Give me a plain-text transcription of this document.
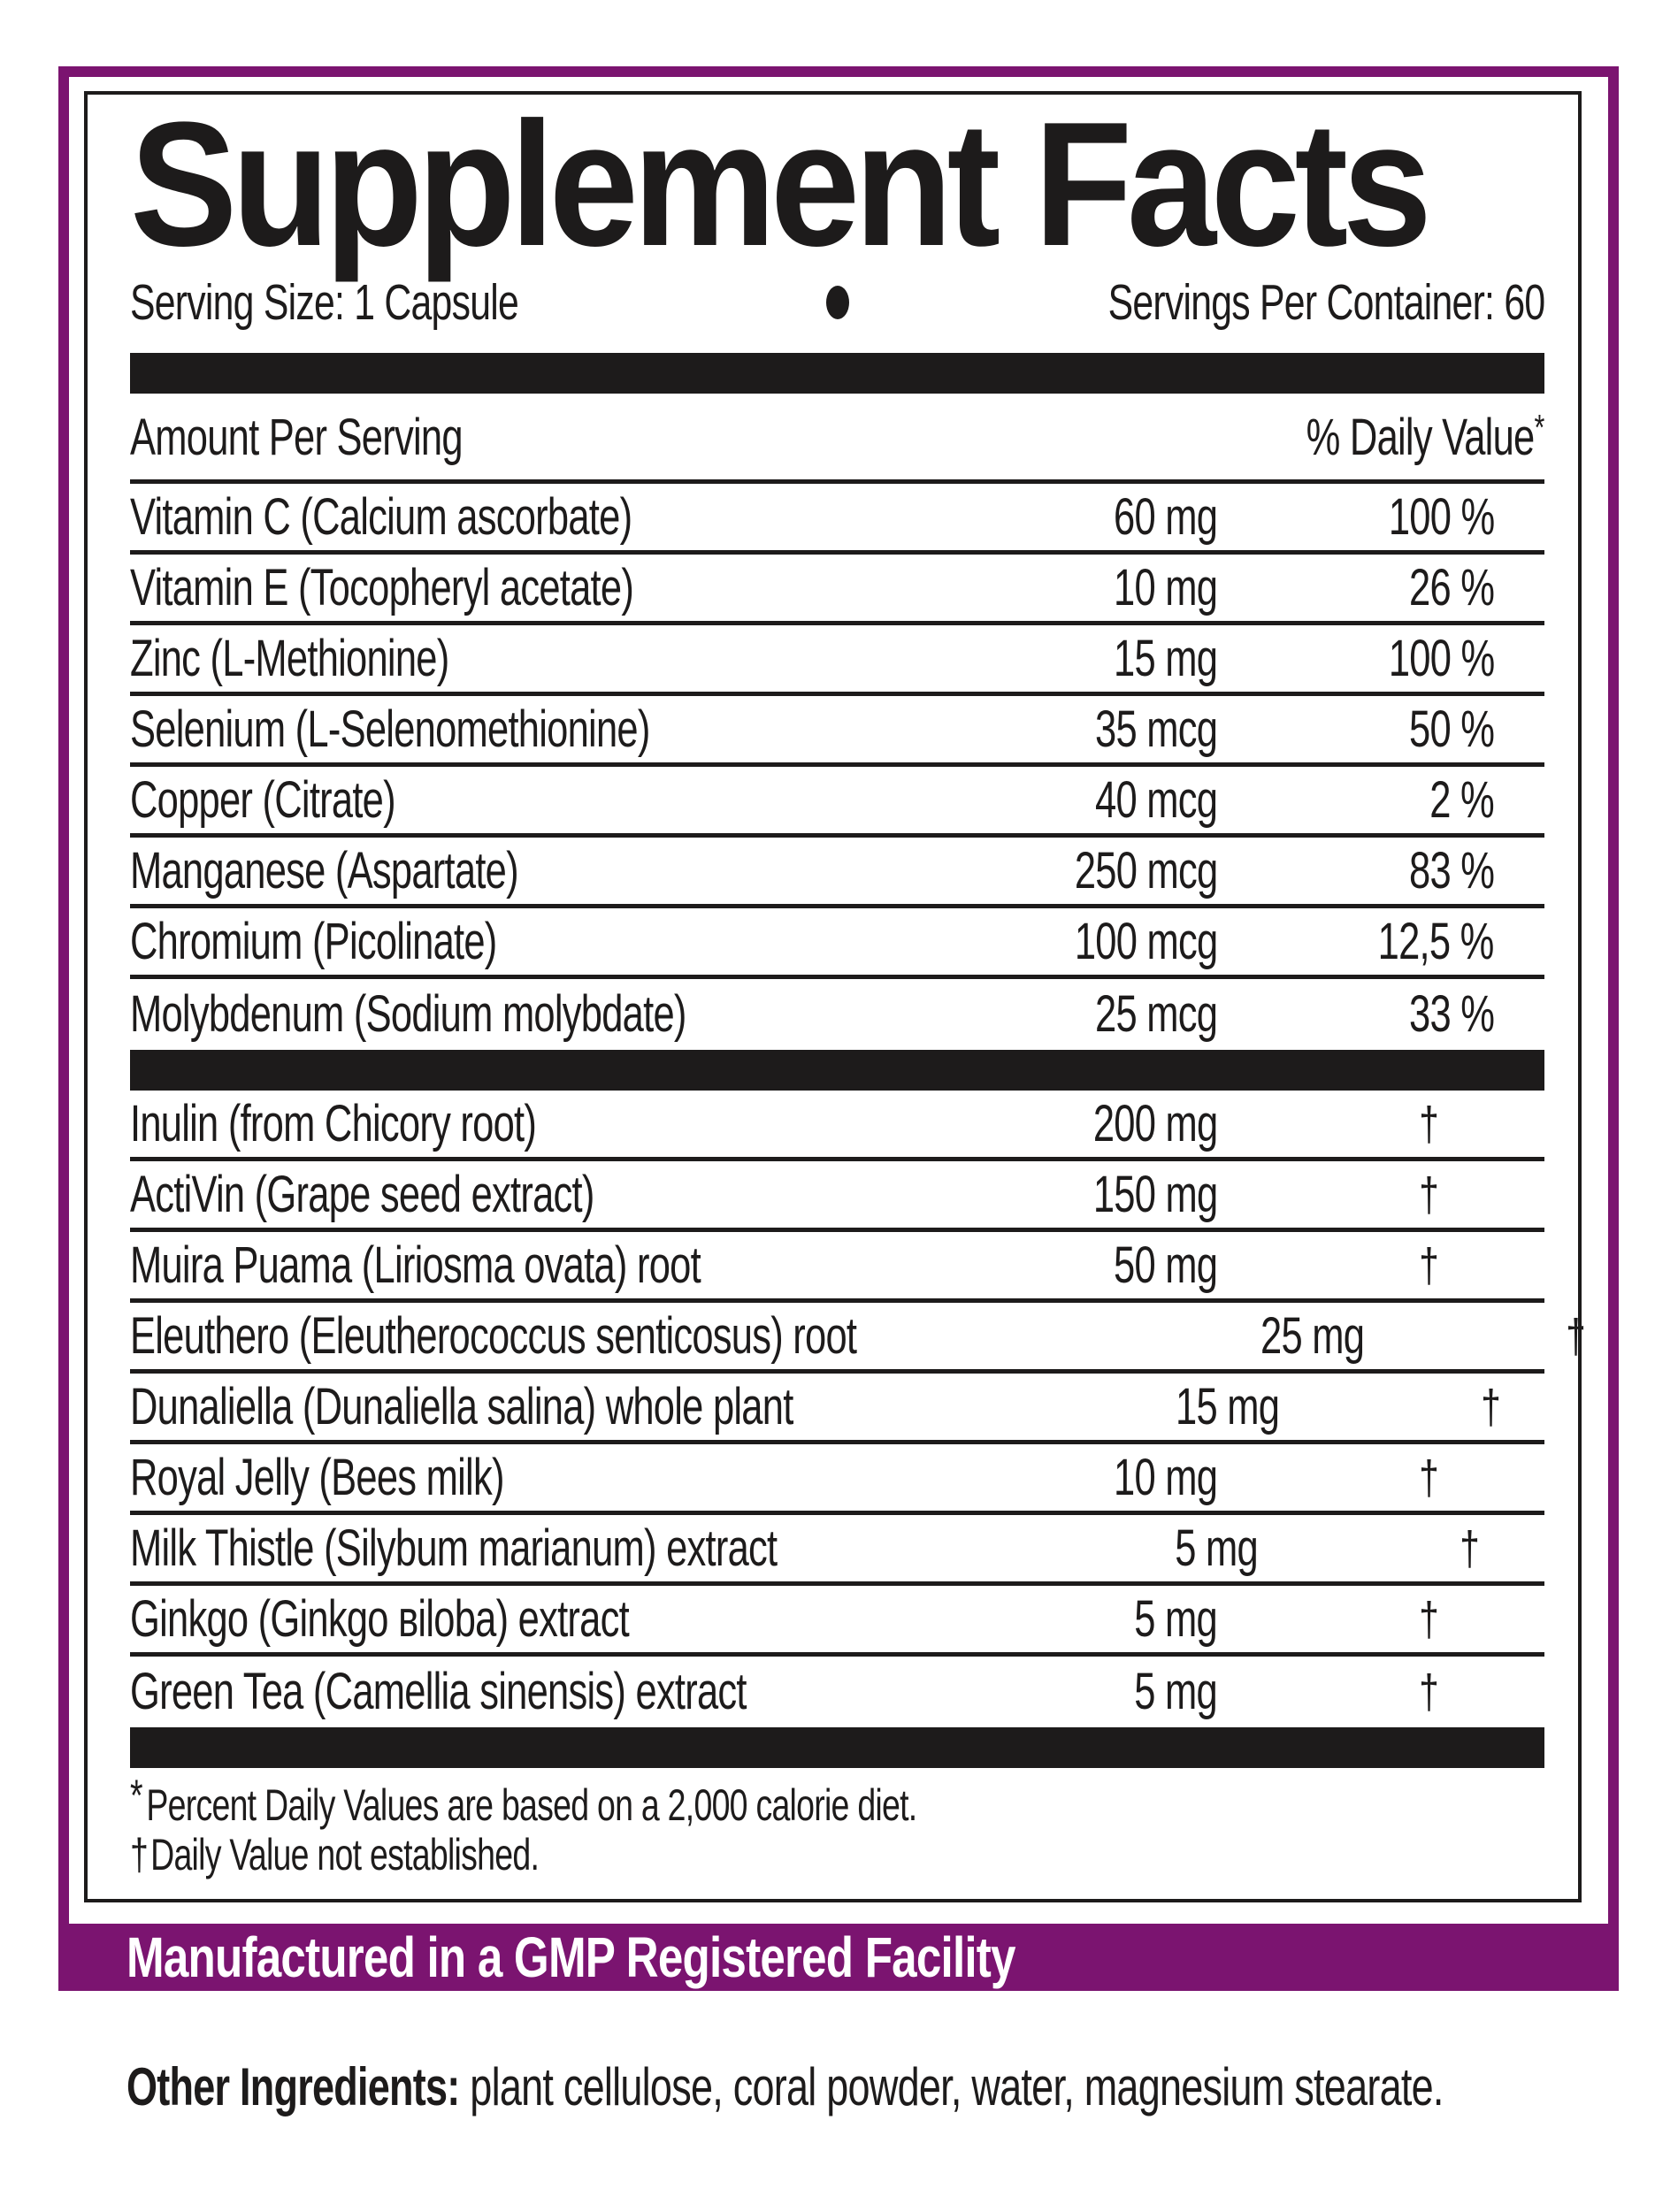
Supplement Facts
Serving Size: 1 Capsule	Servings Per Container: 60
Amount Per Serving	% Daily Value*
Vitamin C (Calcium ascorbate)	60 mg	100 %
Vitamin E (Tocopheryl acetate)	10 mg	26 %
Zinc (L-Methionine)	15 mg	100 %
Selenium (L-Selenomethionine)	35 mcg	50 %
Copper (Citrate)	40 mcg	2 %
Manganese (Aspartate)	250 mcg	83 %
Chromium (Picolinate)	100 mcg	12,5 %
Molybdenum (Sodium molybdate)	25 mcg	33 %
Inulin (from Chicory root)	200 mg	†
ActiVin (Grape seed extract)	150 mg	†
Muira Puama (Liriosma ovata) root	50 mg	†
Eleuthero (Eleutherococcus senticosus) root	25 mg	†
Dunaliella (Dunaliella salina) whole plant	15 mg	†
Royal Jelly (Bees milk)	10 mg	†
Milk Thistle (Silybum marianum) extract	5 mg	†
Ginkgo (Ginkgo вiloba) extract	5 mg	†
Green Tea (Camellia sinensis) extract	5 mg	†
*Percent Daily Values are based on a 2,000 calorie diet.
†Daily Value not established.
Manufactured in a GMP Registered Facility
Other Ingredients: plant cellulose, coral powder, water, magnesium stearate.
